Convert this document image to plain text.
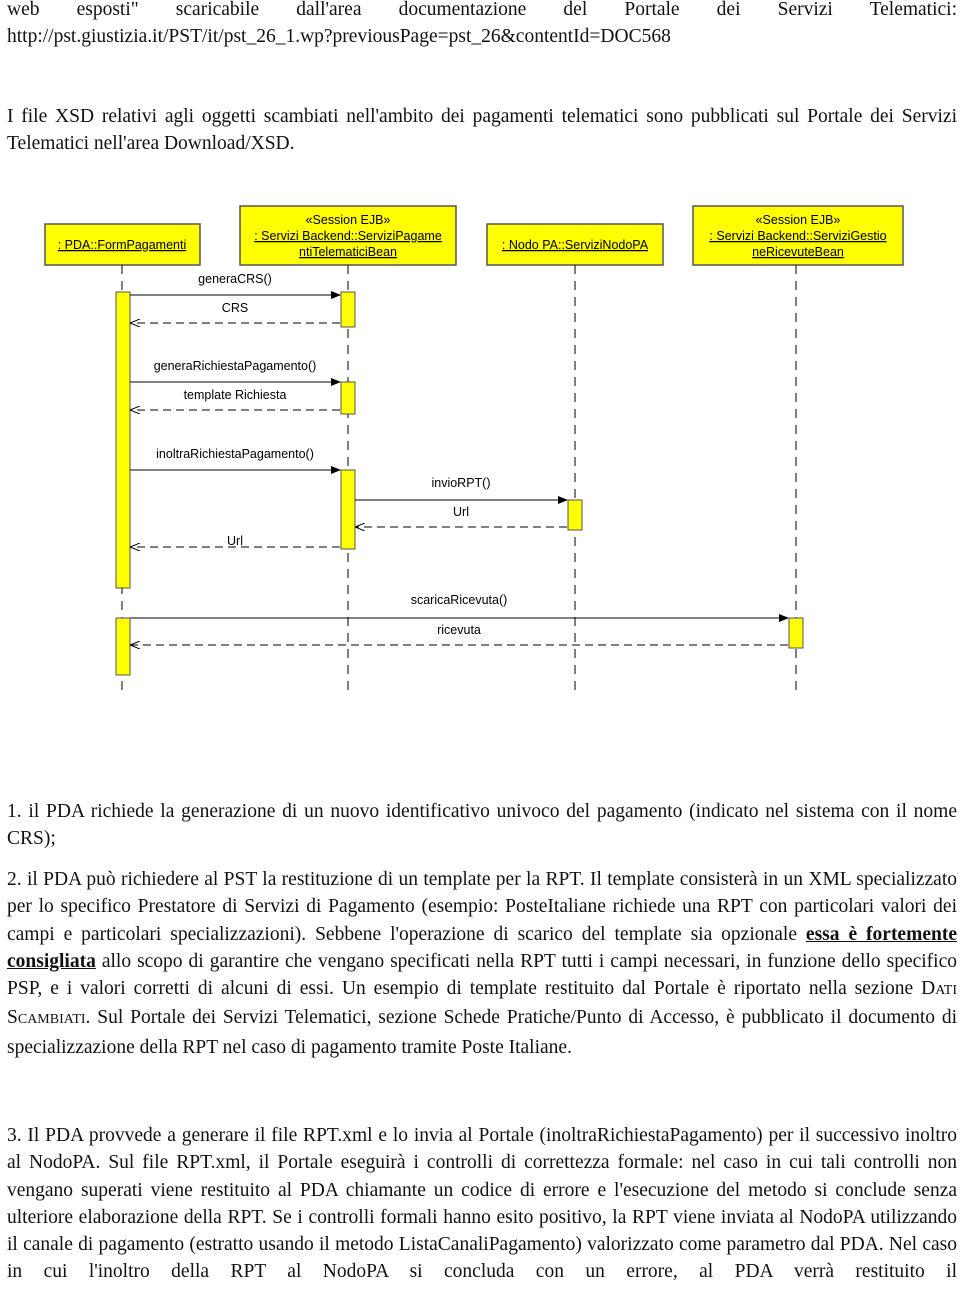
web esposti" scaricabile dall'area documentazione del Portale dei Servizi Telematici:

http://pst.giustizia.it/PST/it/pst_26_1.wp?previousPage=pst_26&contentId=DOC568

I file XSD relativi agli oggetti scambiati nell'ambito dei pagamenti telematici sono pubblicati sul Portale dei Servizi Telematici nell'area Download/XSD.

: PDA::FormPagamenti
«Session EJB»
: Servizi Backend::ServiziPagame
ntiTelematiciBean	: Nodo PA::ServiziNodoPA
«Session EJB»
: Servizi Backend::ServiziGestio
neRicevuteBean
generaCRS()
CRS
generaRichiestaPagamento()
template Richiesta
inoltraRichiestaPagamento()
invioRPT()
Url
Url
scaricaRicevuta()
ricevuta

1. il PDA richiede la generazione di un nuovo identificativo univoco del pagamento (indicato nel sistema con il nome CRS);

2. il PDA può richiedere al PST la restituzione di un template per la RPT. Il template consisterà in un XML specializzato per lo specifico Prestatore di Servizi di Pagamento (esempio: PosteItaliane richiede una RPT con particolari valori dei campi e particolari specializzazioni). Sebbene l'operazione di scarico del template sia opzionale essa è fortemente consigliata allo scopo di garantire che vengano specificati nella RPT tutti i campi necessari, in funzione dello specifico PSP, e i valori corretti di alcuni di essi. Un esempio di template restituito dal Portale è riportato nella sezione DATI SCAMBIATI. Sul Portale dei Servizi Telematici, sezione Schede Pratiche/Punto di Accesso, è pubblicato il documento di specializzazione della RPT nel caso di pagamento tramite Poste Italiane.

3. Il PDA provvede a generare il file RPT.xml e lo invia al Portale (inoltraRichiestaPagamento) per il successivo inoltro al NodoPA. Sul file RPT.xml, il Portale eseguirà i controlli di correttezza formale: nel caso in cui tali controlli non vengano superati viene restituito al PDA chiamante un codice di errore e l'esecuzione del metodo si conclude senza ulteriore elaborazione della RPT. Se i controlli formali hanno esito positivo, la RPT viene inviata al NodoPA utilizzando il canale di pagamento (estratto usando il metodo ListaCanaliPagamento) valorizzato come parametro dal PDA. Nel caso in cui l'inoltro della RPT al NodoPA si concluda con un errore, al PDA verrà restituito il
